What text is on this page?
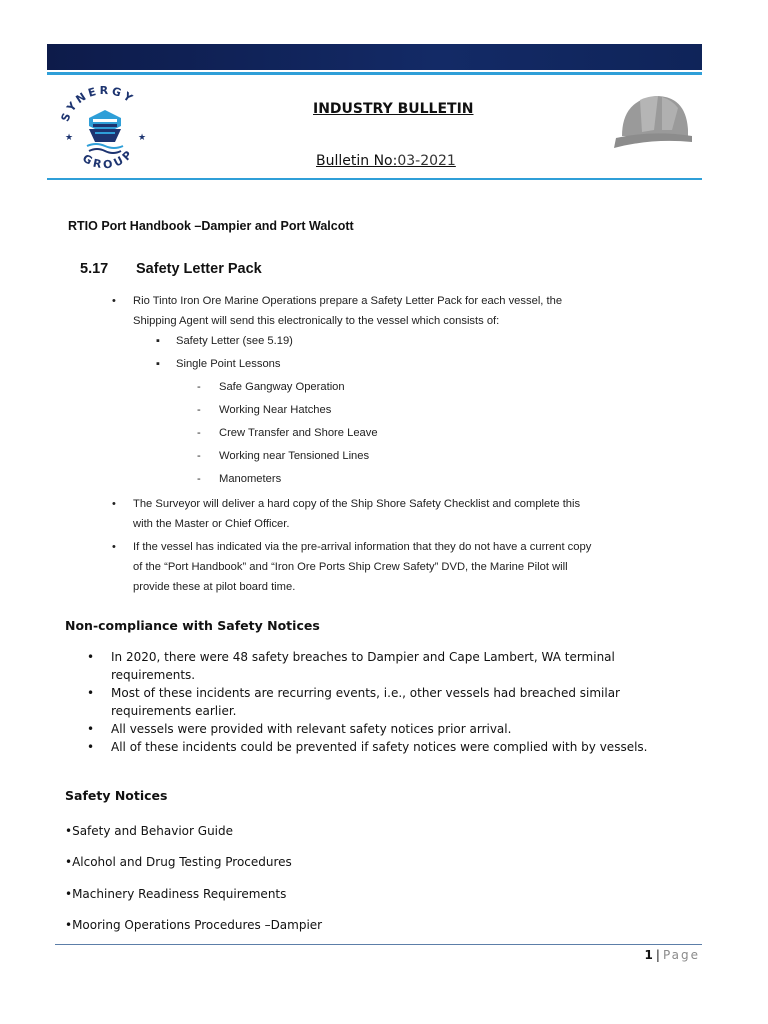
SYNERGY
GROUP
★	★
INDUSTRY BULLETIN
Bulletin No:03-2021
RTIO Port Handbook –Dampier and Port Walcott
5.17 Safety Letter Pack
• Rio Tinto Iron Ore Marine Operations prepare a Safety Letter Pack for each vessel, the
Shipping Agent will send this electronically to the vessel which consists of:
▪ Safety Letter (see 5.19)
▪ Single Point Lessons
- Safe Gangway Operation
- Working Near Hatches
- Crew Transfer and Shore Leave
- Working near Tensioned Lines
- Manometers
• The Surveyor will deliver a hard copy of the Ship Shore Safety Checklist and complete this
with the Master or Chief Officer.
• If the vessel has indicated via the pre-arrival information that they do not have a current copy
of the “Port Handbook” and “Iron Ore Ports Ship Crew Safety” DVD, the Marine Pilot will
provide these at pilot board time.
Non-compliance with Safety Notices
• In 2020, there were 48 safety breaches to Dampier and Cape Lambert, WA terminal requirements.
• Most of these incidents are recurring events, i.e., other vessels had breached similar requirements earlier.
• All vessels were provided with relevant safety notices prior arrival.
• All of these incidents could be prevented if safety notices were complied with by vessels.
Safety Notices
•Safety and Behavior Guide
•Alcohol and Drug Testing Procedures
•Machinery Readiness Requirements
•Mooring Operations Procedures –Dampier
1 | Page
